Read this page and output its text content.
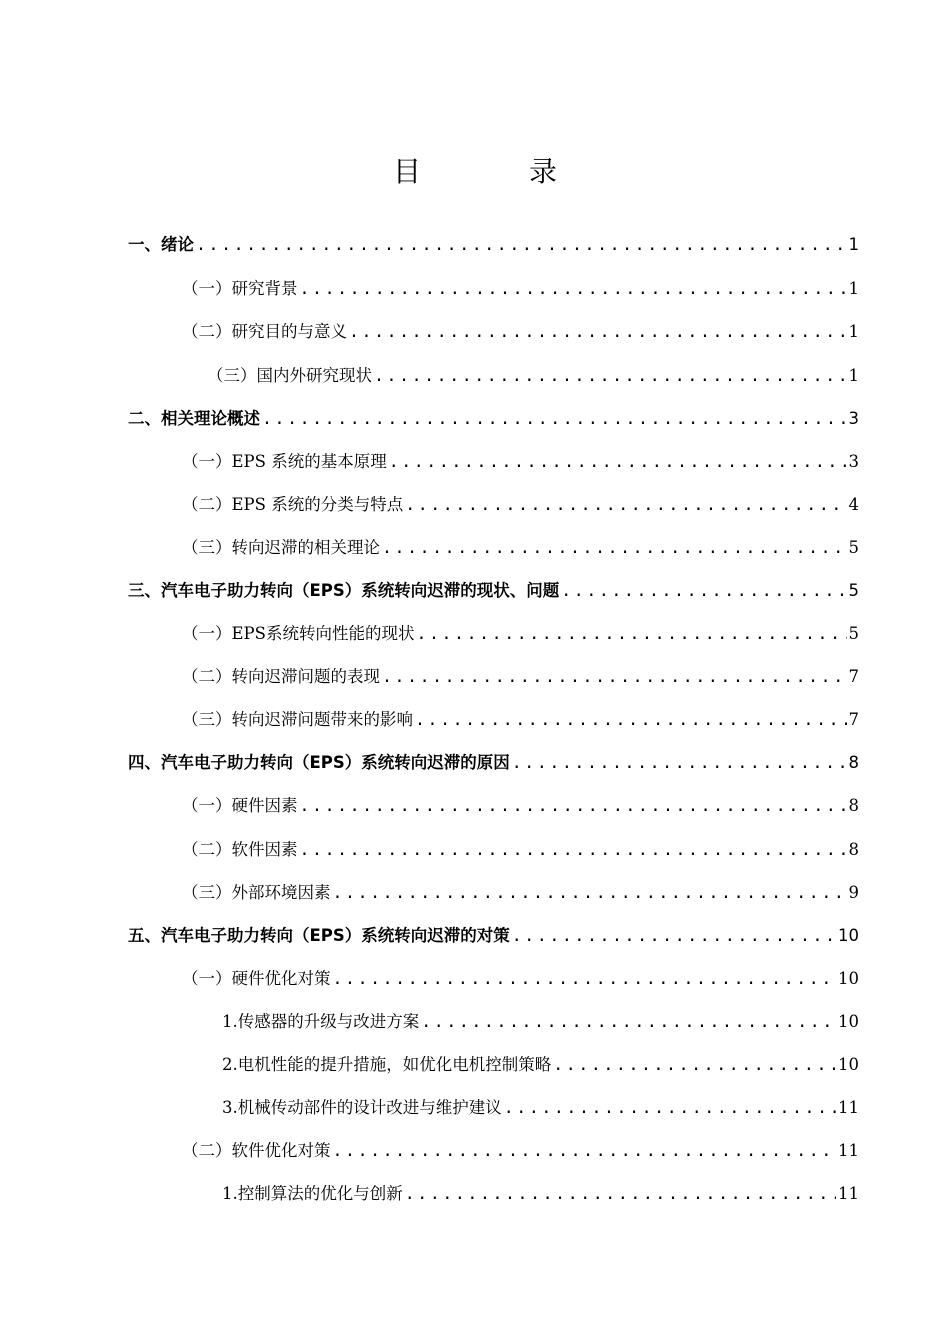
目　录
一、绪论 .....	1
（一）研究背景 .....	1
（二）研究目的与意义 .....	1
（三）国内外研究现状 .....	1
二、相关理论概述 .....	3
（一）EPS 系统的基本原理 .....	3
（二）EPS 系统的分类与特点 .....	4
（三）转向迟滞的相关理论 .....	5
三、汽车电子助力转向（EPS）系统转向迟滞的现状、问题 .....	5
（一）EPS系统转向性能的现状 .....	5
（二）转向迟滞问题的表现 .....	7
（三）转向迟滞问题带来的影响 .....	7
四、汽车电子助力转向（EPS）系统转向迟滞的原因 .....	8
（一）硬件因素 .....	8
（二）软件因素 .....	8
（三）外部环境因素 .....	9
五、汽车电子助力转向（EPS）系统转向迟滞的对策 .....	10
（一）硬件优化对策 .....	10
1.传感器的升级与改进方案 .....	10
2.电机性能的提升措施，如优化电机控制策略 .....	10
3.机械传动部件的设计改进与维护建议 .....	11
（二）软件优化对策 .....	11
1.控制算法的优化与创新 .....	11
